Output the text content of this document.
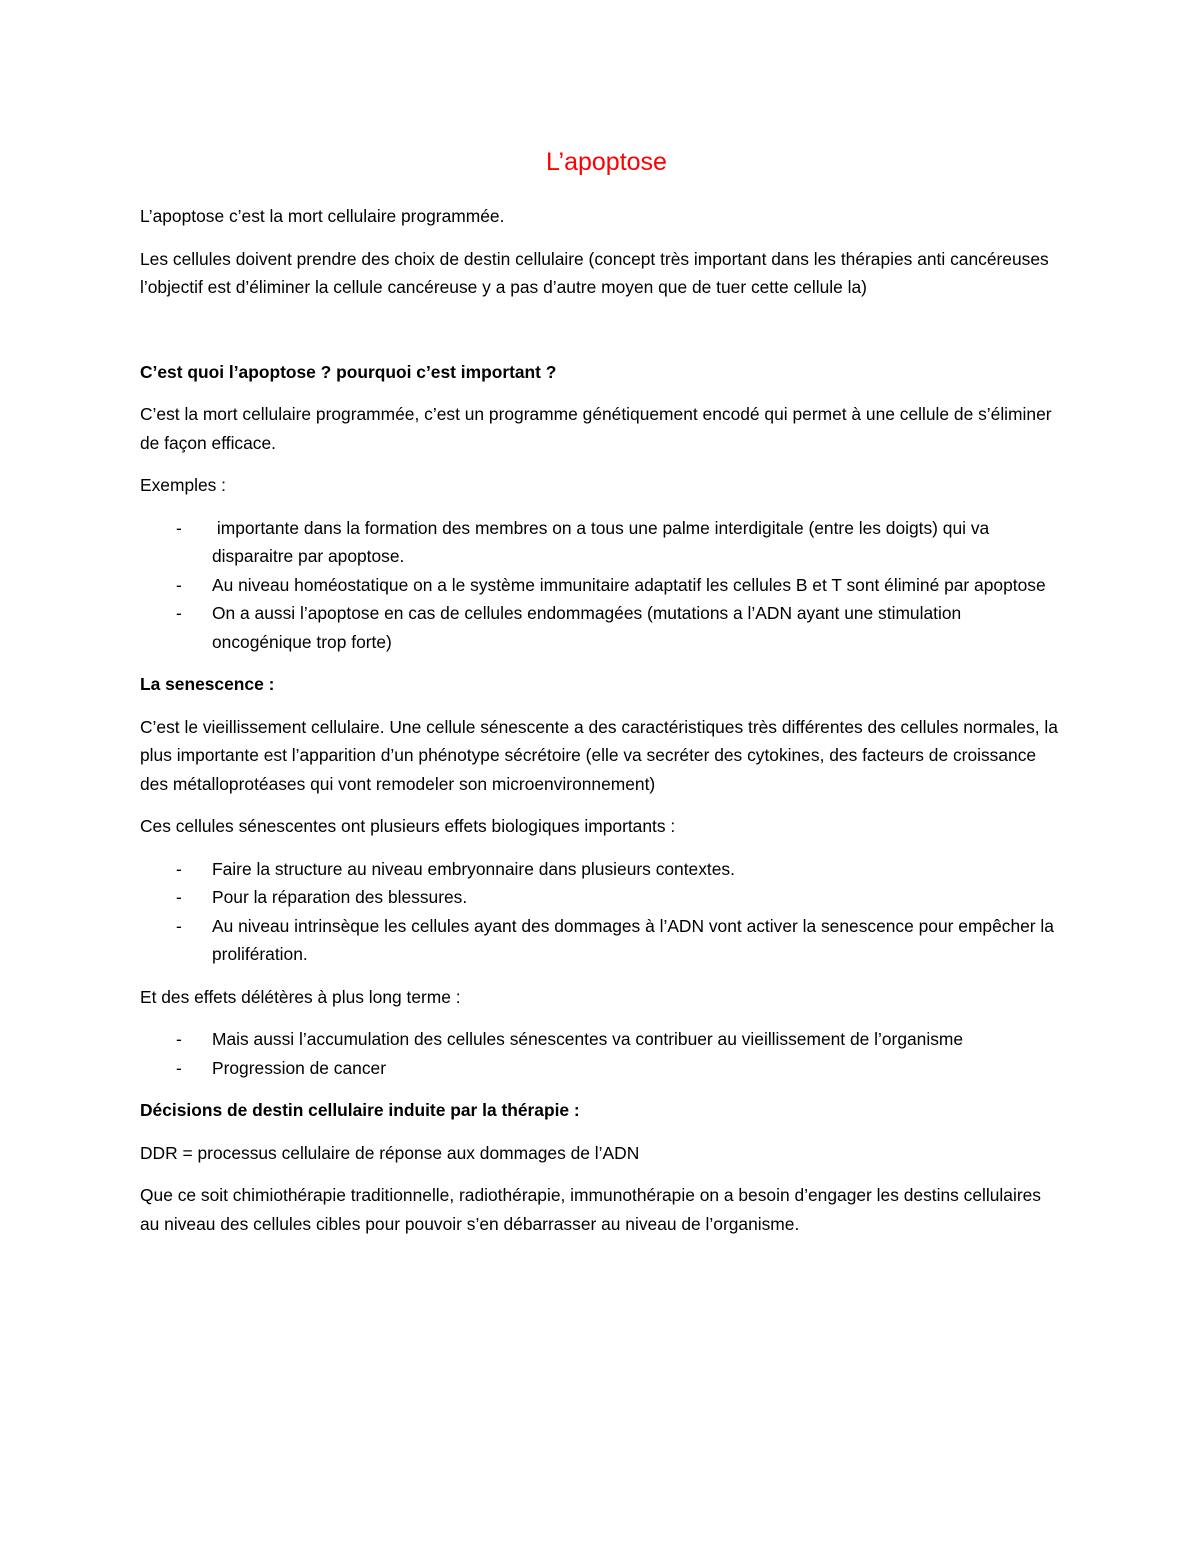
L’apoptose

L’apoptose c’est la mort cellulaire programmée.

Les cellules doivent prendre des choix de destin cellulaire (concept très important dans les thérapies anti cancéreuses l’objectif est d’éliminer la cellule cancéreuse y a pas d’autre moyen que de tuer cette cellule la)

C’est quoi l’apoptose ? pourquoi c’est important ?

C’est la mort cellulaire programmée, c’est un programme génétiquement encodé qui permet à une cellule de s’éliminer de façon efficace.

Exemples :

- importante dans la formation des membres on a tous une palme interdigitale (entre les doigts) qui va disparaitre par apoptose.
- Au niveau homéostatique on a le système immunitaire adaptatif les cellules B et T sont éliminé par apoptose
- On a aussi l’apoptose en cas de cellules endommagées (mutations a l’ADN ayant une stimulation oncogénique trop forte)
La senescence :

C’est le vieillissement cellulaire. Une cellule sénescente a des caractéristiques très différentes des cellules normales, la plus importante est l’apparition d’un phénotype sécrétoire (elle va secréter des cytokines, des facteurs de croissance des métalloprotéases qui vont remodeler son microenvironnement)

Ces cellules sénescentes ont plusieurs effets biologiques importants :

- Faire la structure au niveau embryonnaire dans plusieurs contextes.
- Pour la réparation des blessures.
- Au niveau intrinsèque les cellules ayant des dommages à l’ADN vont activer la senescence pour empêcher la prolifération.

Et des effets délétères à plus long terme :

- Mais aussi l’accumulation des cellules sénescentes va contribuer au vieillissement de l’organisme
- Progression de cancer
Décisions de destin cellulaire induite par la thérapie :

DDR = processus cellulaire de réponse aux dommages de l’ADN

Que ce soit chimiothérapie traditionnelle, radiothérapie, immunothérapie on a besoin d’engager les destins cellulaires au niveau des cellules cibles pour pouvoir s’en débarrasser au niveau de l’organisme.
